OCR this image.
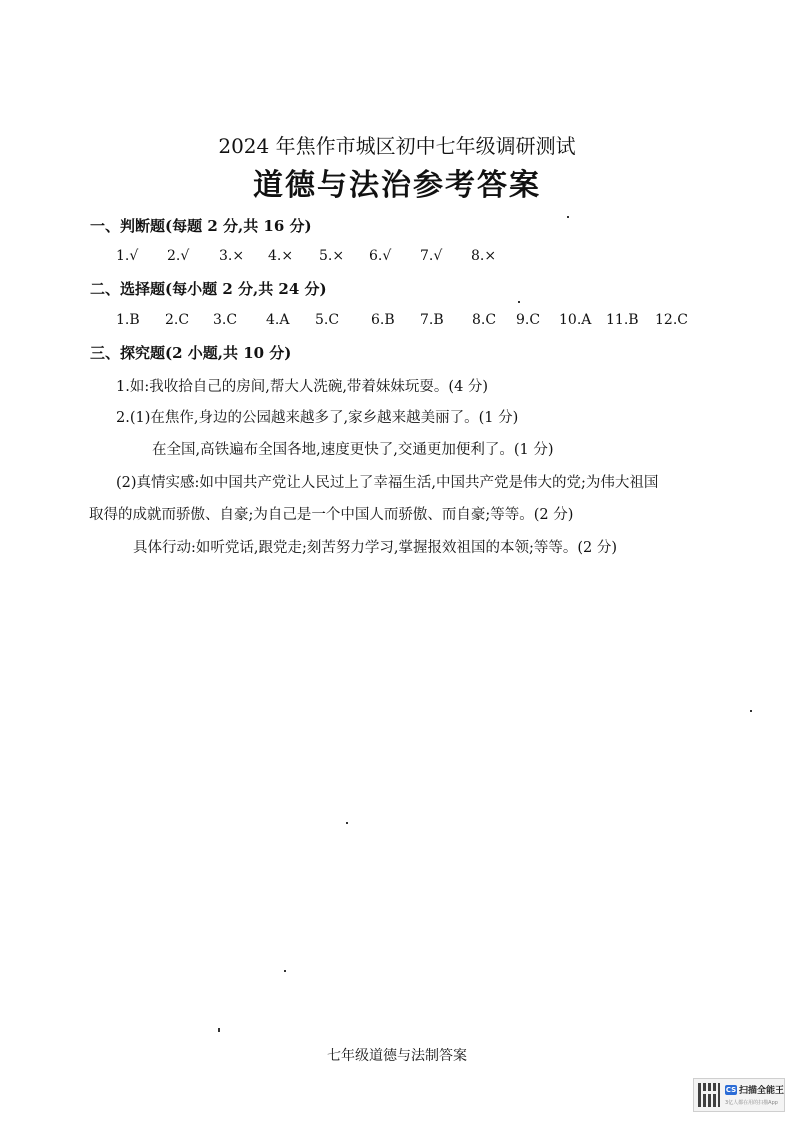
2024 年焦作市城区初中七年级调研测试
道德与法治参考答案
一、判断题(每题 2 分,共 16 分)
1.√ 2.√ 3.× 4.× 5.× 6.√ 7.√ 8.×
二、选择题(每小题 2 分,共 24 分)
1.B 2.C 3.C 4.A 5.C 6.B 7.B 8.C 9.C 10.A 11.B 12.C
三、探究题(2 小题,共 10 分)
1.如:我收拾自己的房间,帮大人洗碗,带着妹妹玩耍。(4 分)
2.(1)在焦作,身边的公园越来越多了,家乡越来越美丽了。(1 分)
在全国,高铁遍布全国各地,速度更快了,交通更加便利了。(1 分)
(2)真情实感:如中国共产党让人民过上了幸福生活,中国共产党是伟大的党;为伟大祖国
取得的成就而骄傲、自豪;为自己是一个中国人而骄傲、而自豪;等等。(2 分)
具体行动:如听党话,跟党走;刻苦努力学习,掌握报效祖国的本领;等等。(2 分)
七年级道德与法制答案
CS 扫描全能王
3亿人都在用的扫描App
